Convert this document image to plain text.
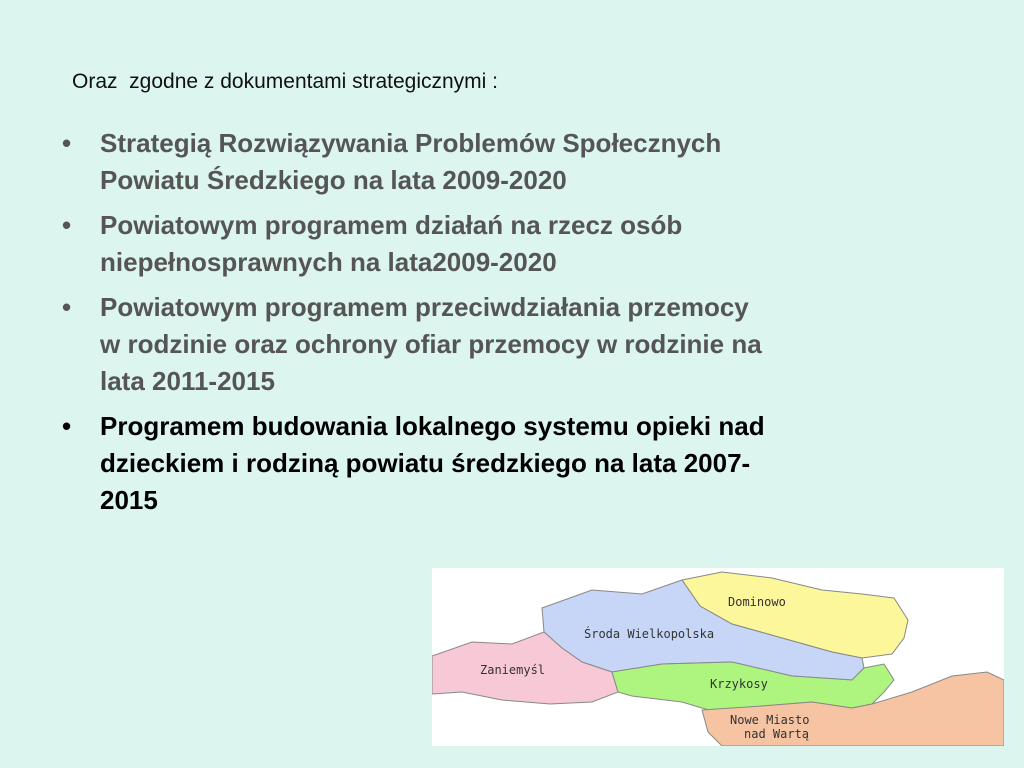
Oraz  zgodne z dokumentami strategicznymi :
• Strategią Rozwiązywania Problemów Społecznych
Powiatu Średzkiego na lata 2009-2020
• Powiatowym programem działań na rzecz osób
niepełnosprawnych na lata2009-2020
• Powiatowym programem przeciwdziałania przemocy
w rodzinie oraz ochrony ofiar przemocy w rodzinie na
lata 2011-2015
• Programem budowania lokalnego systemu opieki nad
dzieckiem i rodziną powiatu średzkiego na lata 2007-
2015
Dominowo
Środa Wielkopolska
Zaniemyśl
Krzykosy
Nowe Miasto
nad Wartą
